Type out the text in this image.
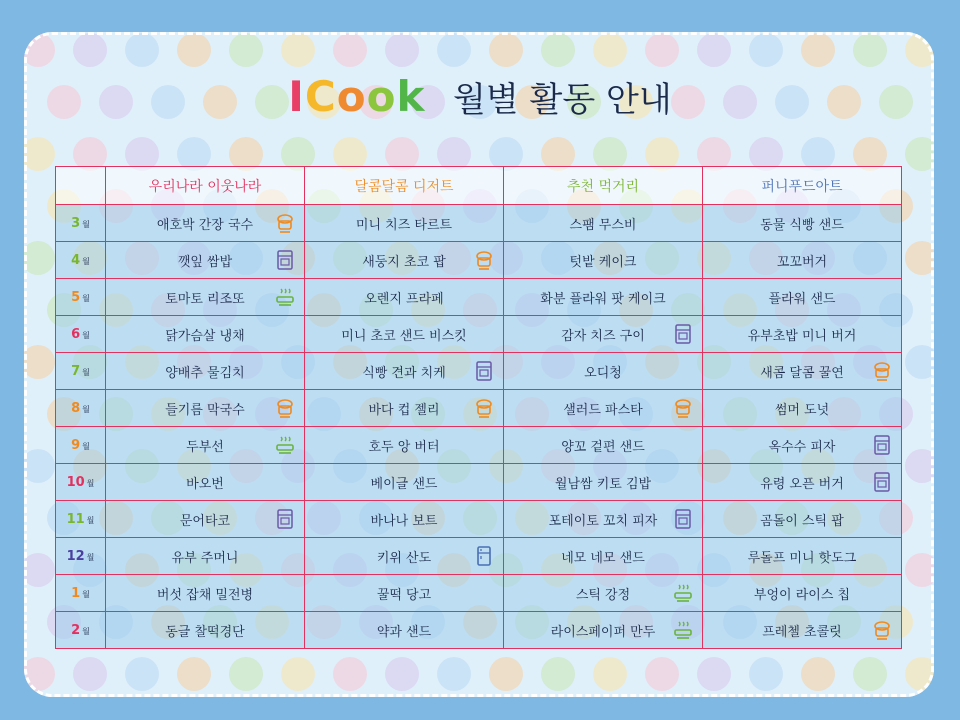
ICook 월별 활동 안내
	우리나라 이웃나라	달콤달콤 디저트	추천 먹거리	퍼니푸드아트
3 월	애호박 간장 국수	미니 치즈 타르트	스팸 무스비	동물 식빵 샌드
4 월	깻잎 쌈밥	새둥지 초코 팝	텃밭 케이크	꼬꼬버거
5 월	토마토 리조또	오렌지 프라페	화분 플라워 팟 케이크	플라워 샌드
6 월	닭가슴살 냉채	미니 초코 샌드 비스킷	감자 치즈 구이	유부초밥 미니 버거
7 월	양배추 물김치	식빵 견과 치케	오디청	새콤 달콤 꿀연

8 월	들기름 막국수	바다 컵 젤리	샐러드 파스타	썸머 도넛
9 월	두부선	호두 앙 버터	양꼬 겉편 샌드	옥수수 피자

10 월	바오번	베이글 샌드	월남쌈 키토 김밥	유령 오픈 버거

11 월	문어타코	바나나 보트	포테이토 꼬치 피자	곰돌이 스틱 팝
12 월	유부 주머니	키위 산도	네모 네모 샌드	루돌프 미니 핫도그
1 월	버섯 잡채 밀전병	꿀떡 당고	스틱 강정	부엉이 라이스 칩
2 월	동글 찰떡경단	약과 샌드	라이스페이퍼 만두	프레첼 초콜릿
